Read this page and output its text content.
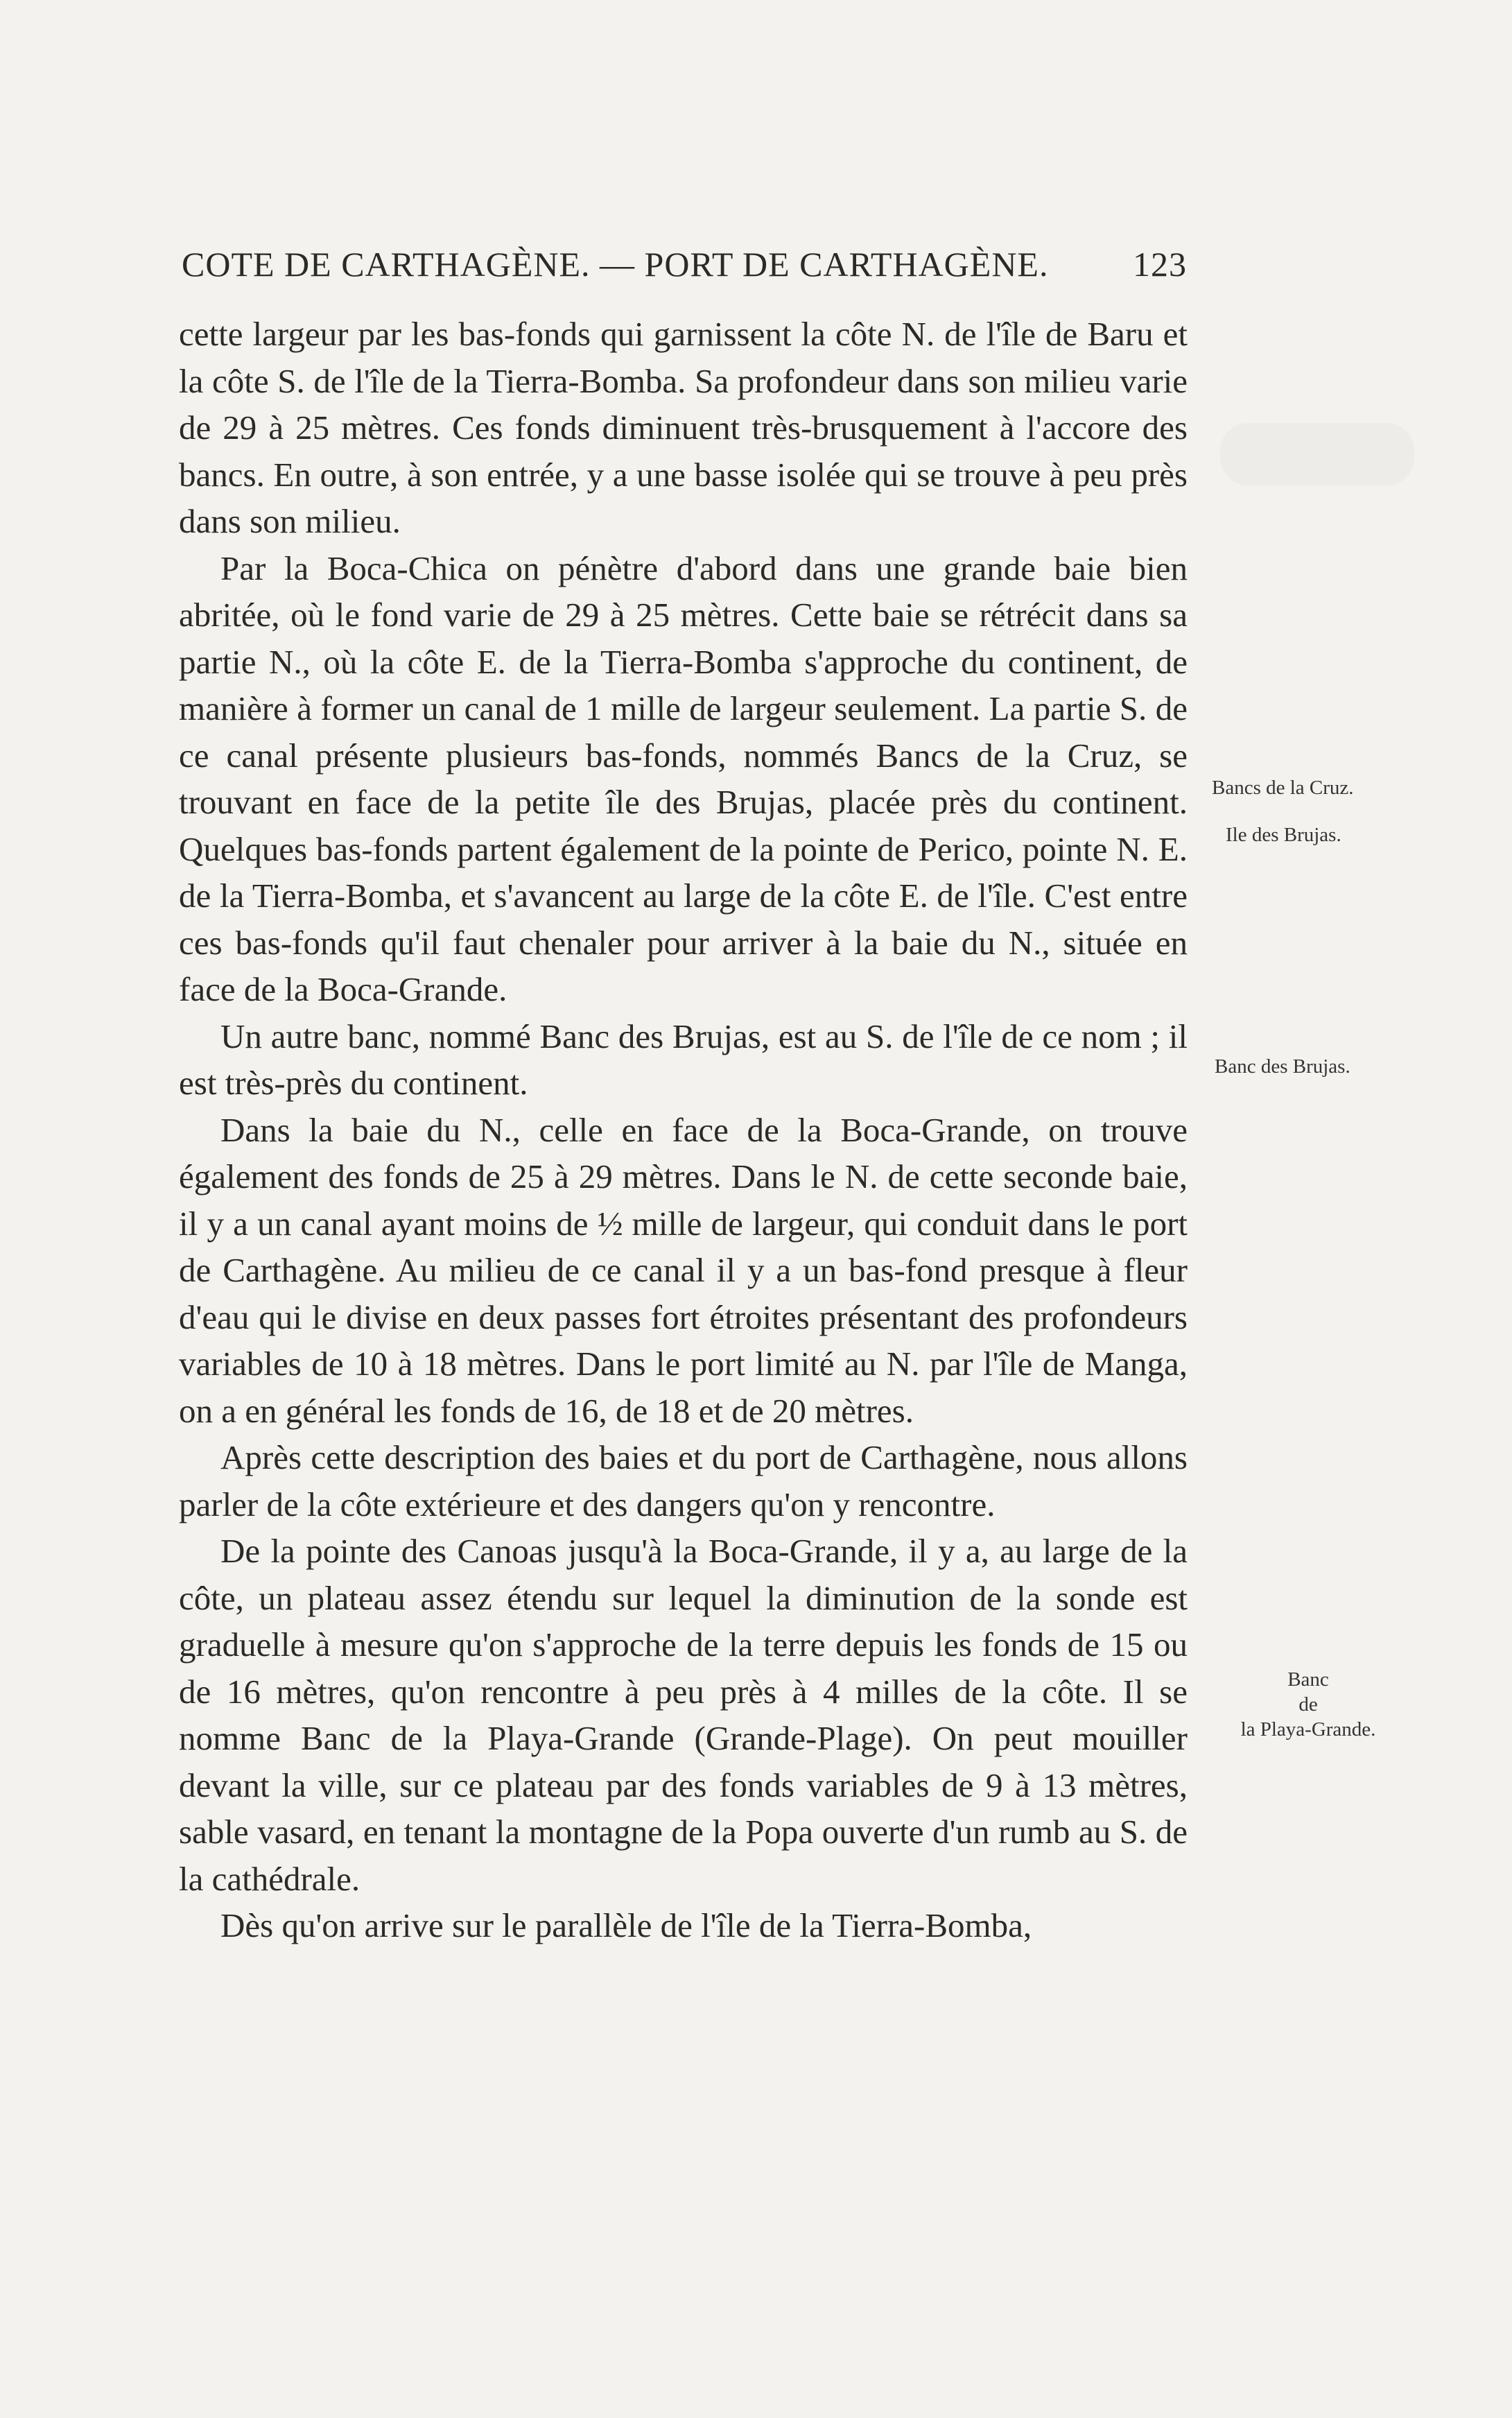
COTE DE CARTHAGÈNE. — PORT DE CARTHAGÈNE. 123

cette largeur par les bas-fonds qui garnissent la côte N. de l'île de Baru et la côte S. de l'île de la Tierra-Bomba. Sa profondeur dans son milieu varie de 29 à 25 mètres. Ces fonds diminuent très-brusquement à l'accore des bancs. En outre, à son entrée, y a une basse isolée qui se trouve à peu près dans son milieu.

Par la Boca-Chica on pénètre d'abord dans une grande baie bien abritée, où le fond varie de 29 à 25 mètres. Cette baie se rétrécit dans sa partie N., où la côte E. de la Tierra-Bomba s'approche du continent, de manière à former un canal de 1 mille de largeur seulement. La partie S. de ce canal présente plusieurs bas-fonds, nommés Bancs de la Cruz, se trouvant en face de la petite île des Brujas, placée près du continent. Quelques bas-fonds partent également de la pointe de Perico, pointe N. E. de la Tierra-Bomba, et s'avancent au large de la côte E. de l'île. C'est entre ces bas-fonds qu'il faut chenaler pour arriver à la baie du N., située en face de la Boca-Grande.

Un autre banc, nommé Banc des Brujas, est au S. de l'île de ce nom ; il est très-près du continent.

Dans la baie du N., celle en face de la Boca-Grande, on trouve également des fonds de 25 à 29 mètres. Dans le N. de cette seconde baie, il y a un canal ayant moins de ½ mille de largeur, qui conduit dans le port de Carthagène. Au milieu de ce canal il y a un bas-fond presque à fleur d'eau qui le divise en deux passes fort étroites présentant des profondeurs variables de 10 à 18 mètres. Dans le port limité au N. par l'île de Manga, on a en général les fonds de 16, de 18 et de 20 mètres.

Après cette description des baies et du port de Carthagène, nous allons parler de la côte extérieure et des dangers qu'on y rencontre.

De la pointe des Canoas jusqu'à la Boca-Grande, il y a, au large de la côte, un plateau assez étendu sur lequel la diminution de la sonde est graduelle à mesure qu'on s'approche de la terre depuis les fonds de 15 ou de 16 mètres, qu'on rencontre à peu près à 4 milles de la côte. Il se nomme Banc de la Playa-Grande (Grande-Plage). On peut mouiller devant la ville, sur ce plateau par des fonds variables de 9 à 13 mètres, sable vasard, en tenant la montagne de la Popa ouverte d'un rumb au S. de la cathédrale.

Dès qu'on arrive sur le parallèle de l'île de la Tierra-Bomba,

Bancs de la Cruz.
Ile des Brujas.
Banc des Brujas.
Banc
de
la Playa-Grande.
